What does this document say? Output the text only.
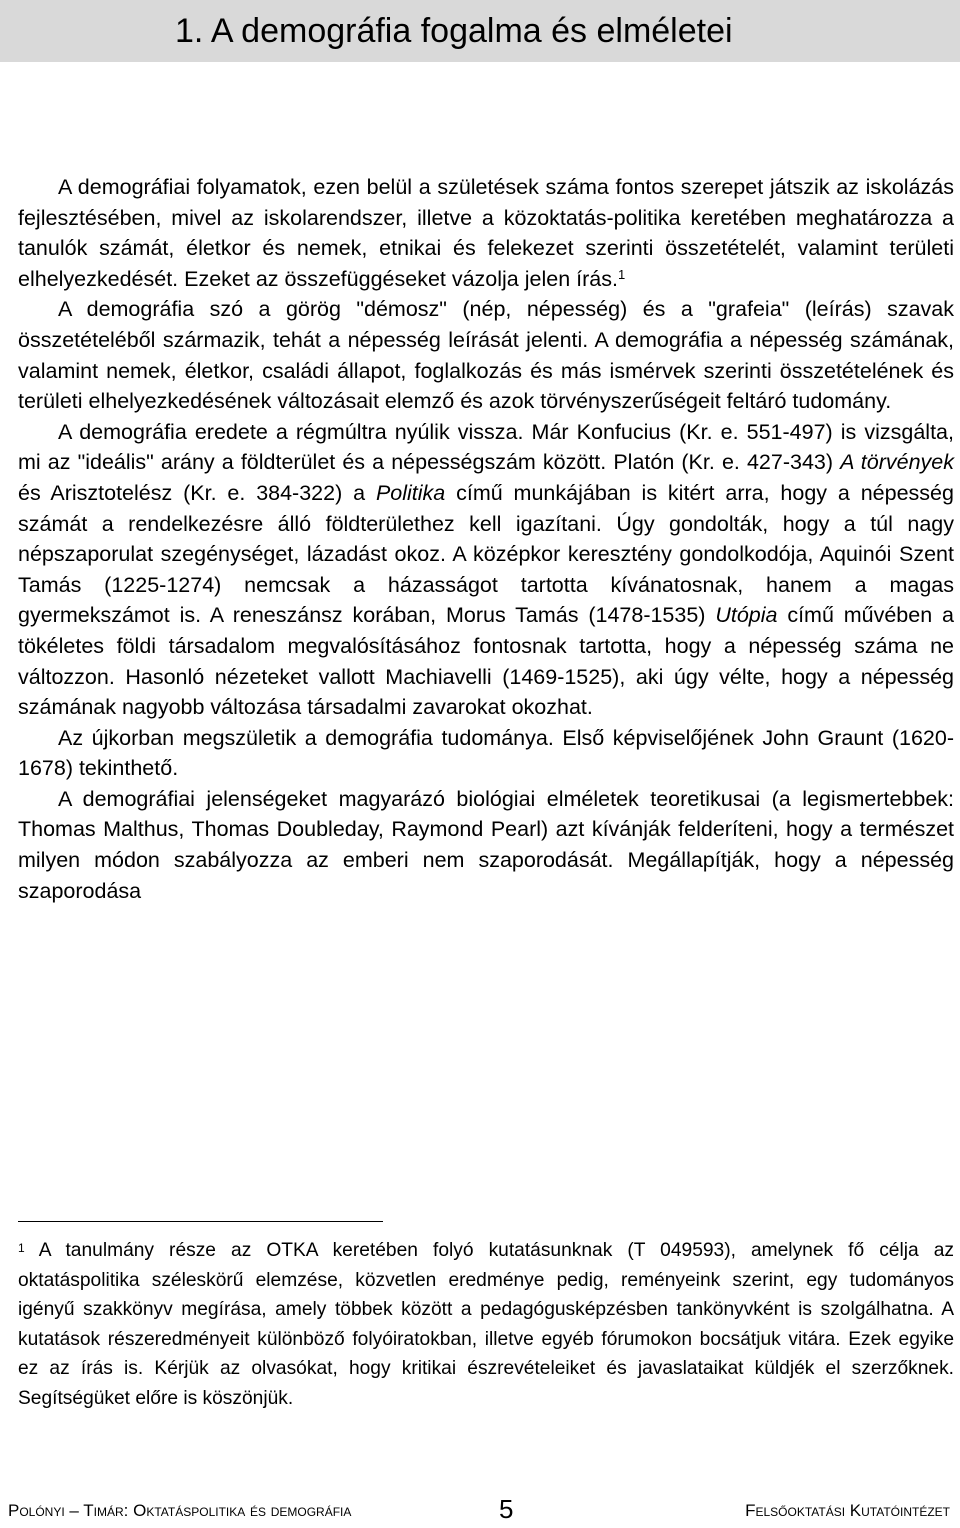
1. A demográfia fogalma és elméletei

A demográfiai folyamatok, ezen belül a születések száma fontos szerepet játszik az iskolázás fejlesztésében, mivel az iskolarendszer, illetve a közoktatás-politika keretében meghatározza a tanulók számát, életkor és nemek, etnikai és felekezet szerinti összetételét, valamint területi elhelyezkedését. Ezeket az összefüggéseket vázolja jelen írás.$^1$

A demográfia szó a görög "démosz" (nép, népesség) és a "grafeia" (leírás) szavak összetételéből származik, tehát a népesség leírását jelenti. A demográfia a népesség számának, valamint nemek, életkor, családi állapot, foglalkozás és más ismérvek szerinti összetételének és területi elhelyezkedésének változásait elemző és azok törvényszerűségeit feltáró tudomány.

A demográfia eredete a régmúltra nyúlik vissza. Már Konfucius (Kr. e. 551-497) is vizsgálta, mi az "ideális" arány a földterület és a népességszám között. Platón (Kr. e. 427-343) A törvények és Arisztotelész (Kr. e. 384-322) a Politika című munkájában is kitért arra, hogy a népesség számát a rendelkezésre álló földterülethez kell igazítani. Úgy gondolták, hogy a túl nagy népszaporulat szegénységet, lázadást okoz. A középkor keresztény gondolkodója, Aquinói Szent Tamás (1225-1274) nemcsak a házasságot tartotta kívánatosnak, hanem a magas gyermekszámot is. A reneszánsz korában, Morus Tamás (1478-1535) Utópia című művében a tökéletes földi társadalom megvalósításához fontosnak tartotta, hogy a népesség száma ne változzon. Hasonló nézeteket vallott Machiavelli (1469-1525), aki úgy vélte, hogy a népesség számának nagyobb változása társadalmi zavarokat okozhat.

Az újkorban megszületik a demográfia tudománya. Első képviselőjének John Graunt (1620-1678) tekinthető.

A demográfiai jelenségeket magyarázó biológiai elméletek teoretikusai (a legismertebbek: Thomas Malthus, Thomas Doubleday, Raymond Pearl) azt kívánják felderíteni, hogy a természet milyen módon szabályozza az emberi nem szaporodását. Megállapítják, hogy a népesség szaporodása

$^1$ A tanulmány része az OTKA keretében folyó kutatásunknak (T 049593), amelynek fő célja az oktatáspolitika széleskörű elemzése, közvetlen eredménye pedig, reményeink szerint, egy tudományos igényű szakkönyv megírása, amely többek között a pedagógusképzésben tankönyvként is szolgálhatna. A kutatások részeredményeit különböző folyóiratokban, illetve egyéb fórumokon bocsátjuk vitára. Ezek egyike ez az írás is. Kérjük az olvasókat, hogy kritikai észrevételeiket és javaslataikat küldjék el szerzőknek. Segítségüket előre is köszönjük.
Polónyi – Timár: Oktatáspolitika és demográfia	5	Felsőoktatási Kutatóintézet
